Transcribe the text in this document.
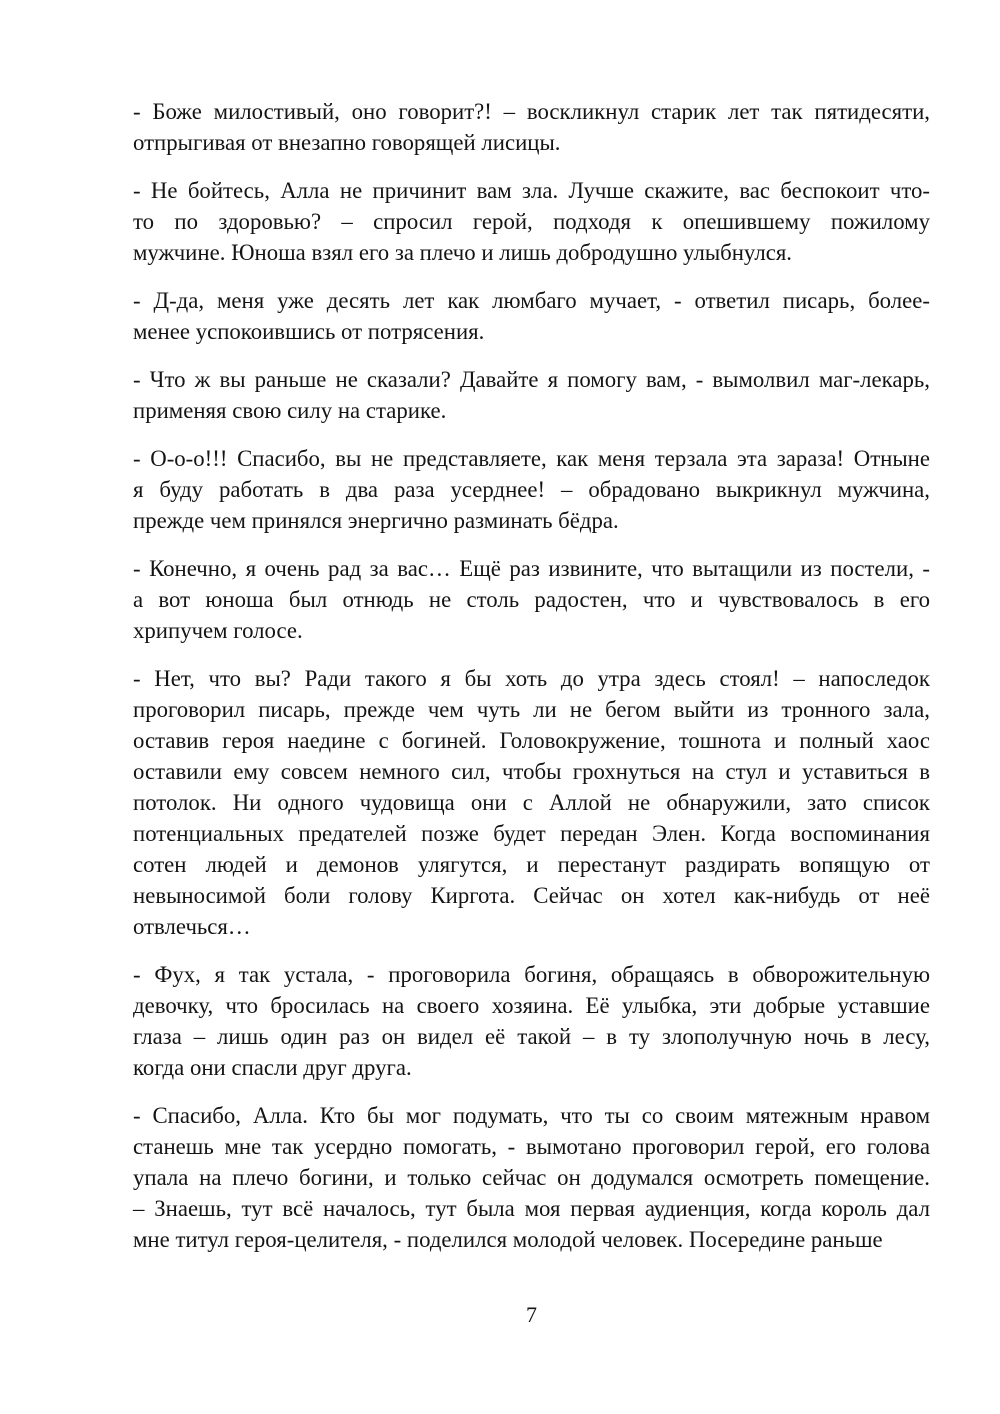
- Боже милостивый, оно говорит?! – воскликнул старик лет так пятидесяти,
отпрыгивая от внезапно говорящей лисицы.
- Не бойтесь, Алла не причинит вам зла. Лучше скажите, вас беспокоит что-
то по здоровью? – спросил герой, подходя к опешившему пожилому
мужчине. Юноша взял его за плечо и лишь добродушно улыбнулся.
- Д-да, меня уже десять лет как люмбаго мучает, - ответил писарь, более-
менее успокоившись от потрясения.
- Что ж вы раньше не сказали? Давайте я помогу вам, - вымолвил маг-лекарь,
применяя свою силу на старике.
- О-о-о!!! Спасибо, вы не представляете, как меня терзала эта зараза! Отныне
я буду работать в два раза усерднее! – обрадовано выкрикнул мужчина,
прежде чем принялся энергично разминать бёдра.
- Конечно, я очень рад за вас… Ещё раз извините, что вытащили из постели, -
а вот юноша был отнюдь не столь радостен, что и чувствовалось в его
хрипучем голосе.
- Нет, что вы? Ради такого я бы хоть до утра здесь стоял! – напоследок
проговорил писарь, прежде чем чуть ли не бегом выйти из тронного зала,
оставив героя наедине с богиней. Головокружение, тошнота и полный хаос
оставили ему совсем немного сил, чтобы грохнуться на стул и уставиться в
потолок. Ни одного чудовища они с Аллой не обнаружили, зато список
потенциальных предателей позже будет передан Элен. Когда воспоминания
сотен людей и демонов улягутся, и перестанут раздирать вопящую от
невыносимой боли голову Киргота. Сейчас он хотел как-нибудь от неё
отвлечься…
- Фух, я так устала, - проговорила богиня, обращаясь в обворожительную
девочку, что бросилась на своего хозяина. Её улыбка, эти добрые уставшие
глаза – лишь один раз он видел её такой – в ту злополучную ночь в лесу,
когда они спасли друг друга.
- Спасибо, Алла. Кто бы мог подумать, что ты со своим мятежным нравом
станешь мне так усердно помогать, - вымотано проговорил герой, его голова
упала на плечо богини, и только сейчас он додумался осмотреть помещение.
– Знаешь, тут всё началось, тут была моя первая аудиенция, когда король дал
мне титул героя-целителя, - поделился молодой человек. Посередине раньше
7
